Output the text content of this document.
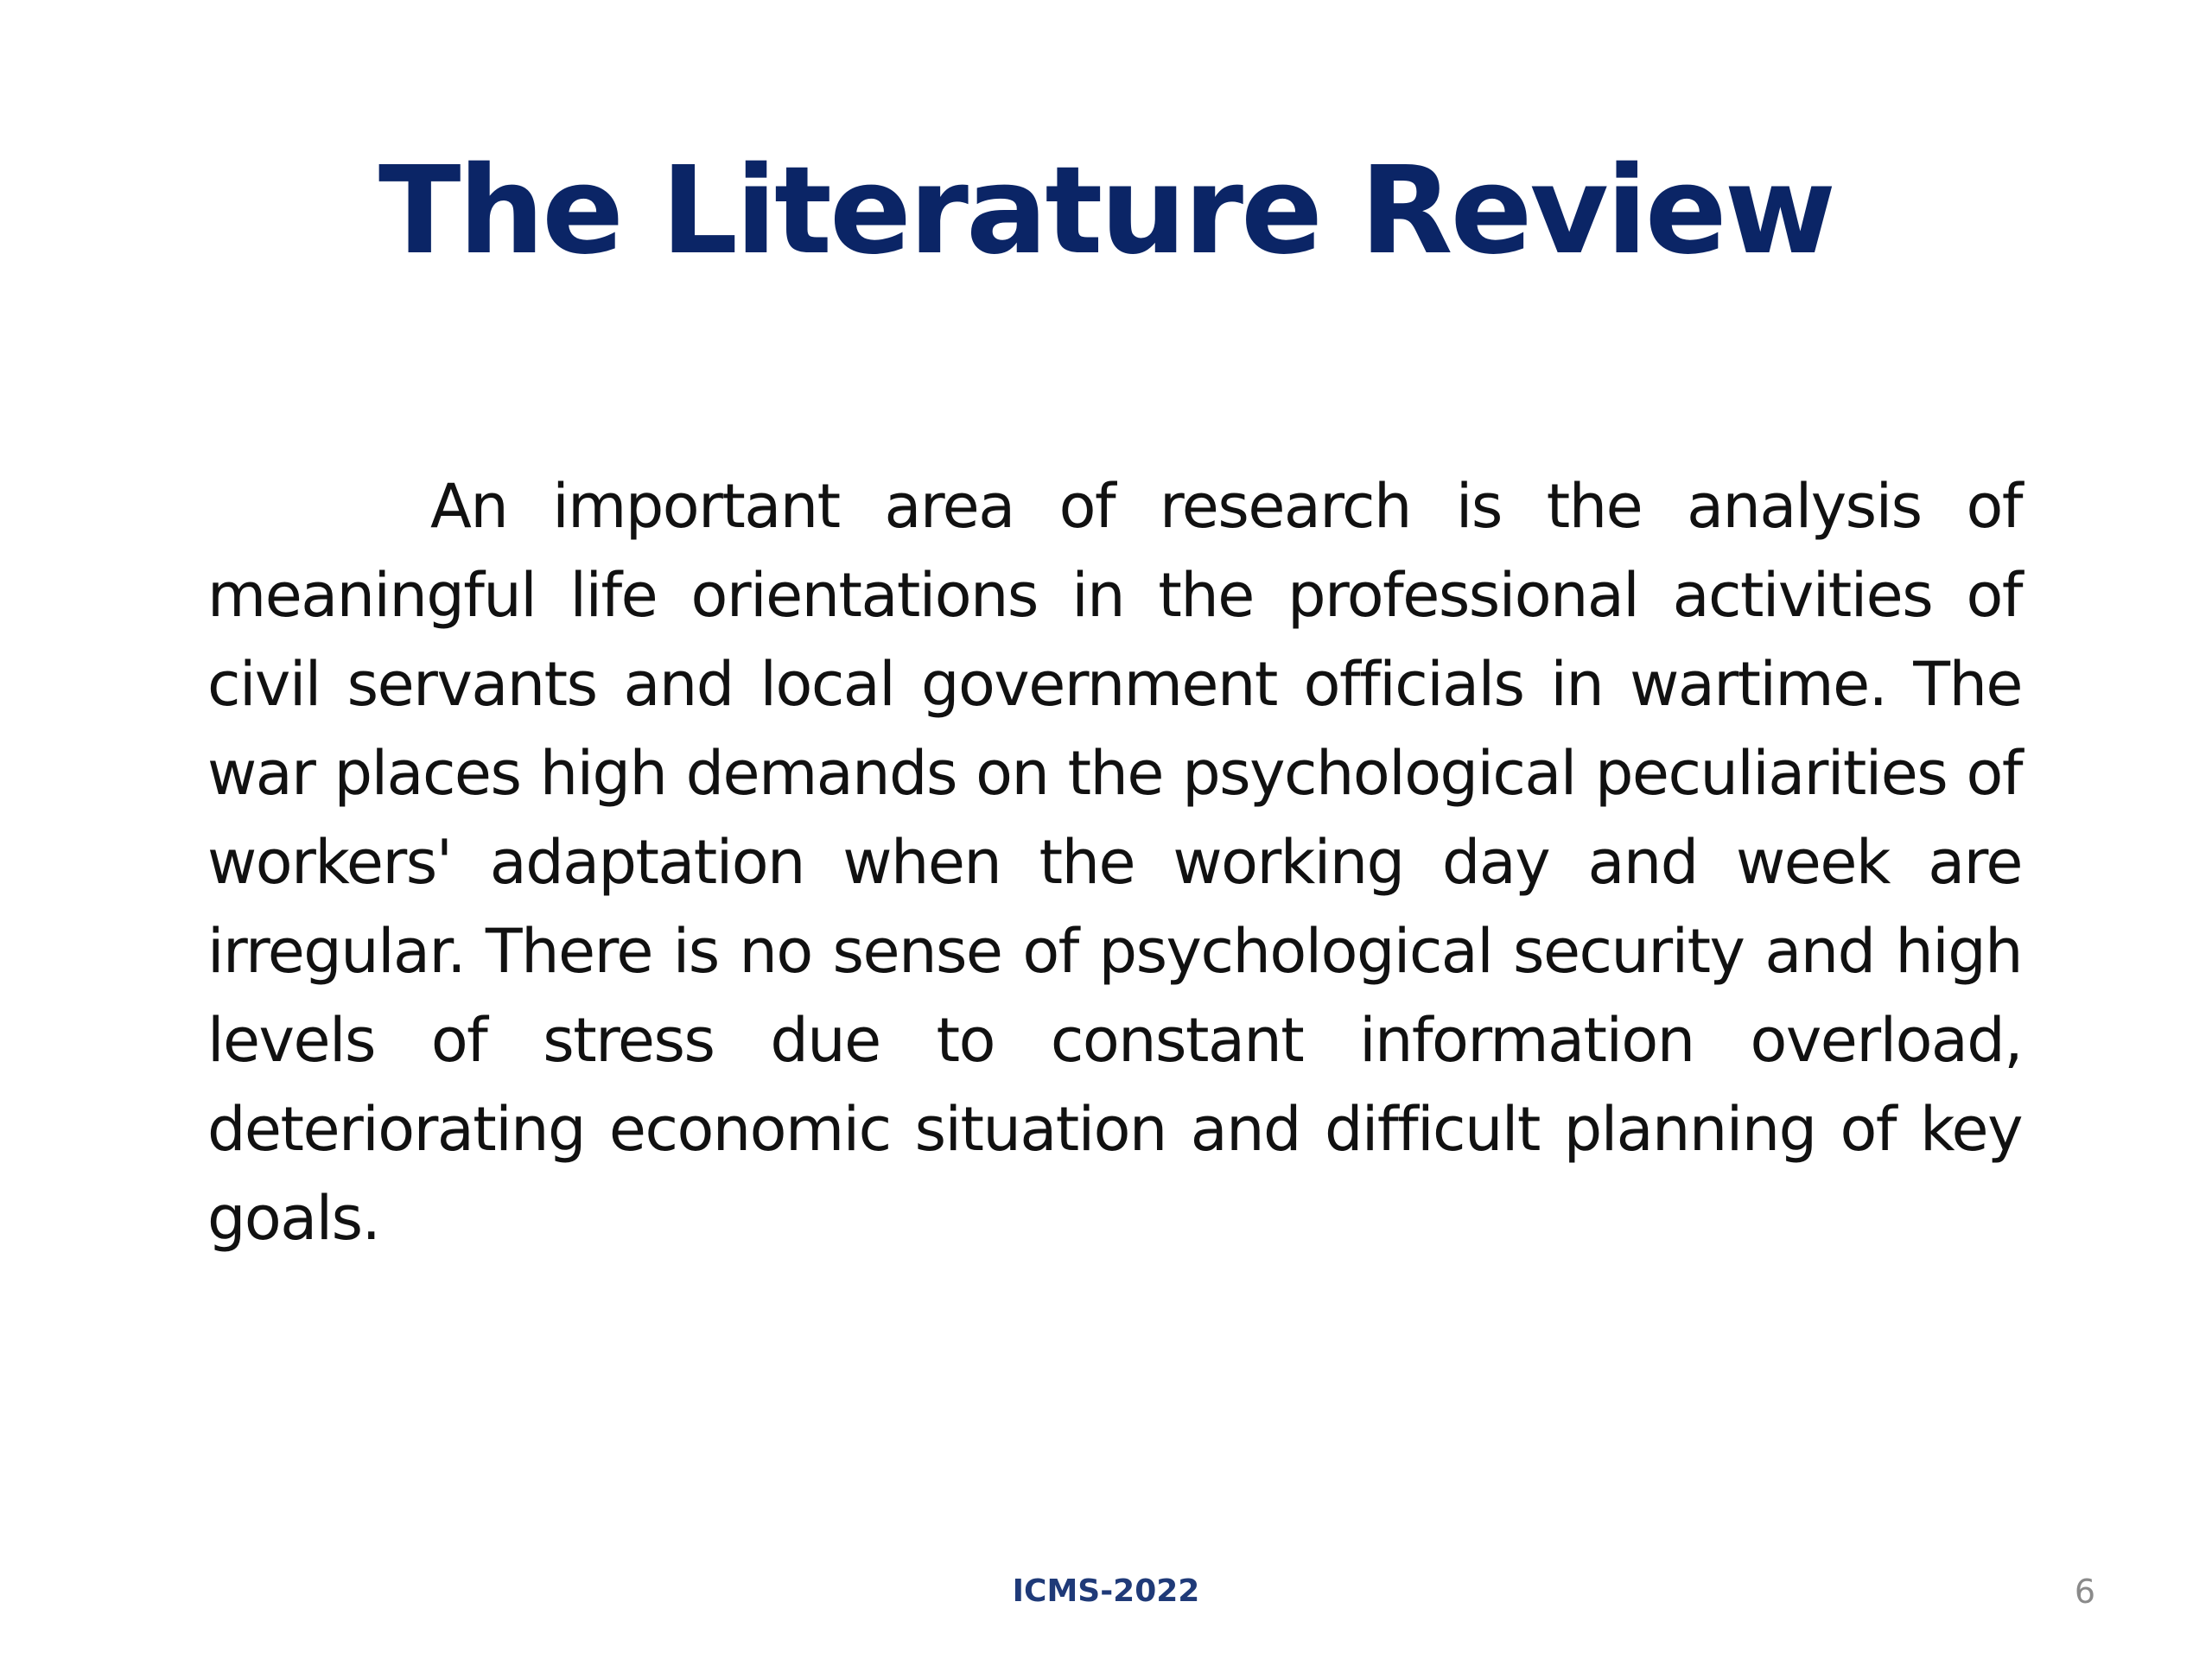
The Literature Review

An important area of research is the analysis of meaningful life orientations in the professional activities of civil servants and local government officials in wartime. The war places high demands on the psychological peculiarities of workers' adaptation when the working day and week are irregular. There is no sense of psychological security and high levels of stress due to constant information overload, deteriorating economic situation and difficult planning of key goals.

ICMS-2022	6
